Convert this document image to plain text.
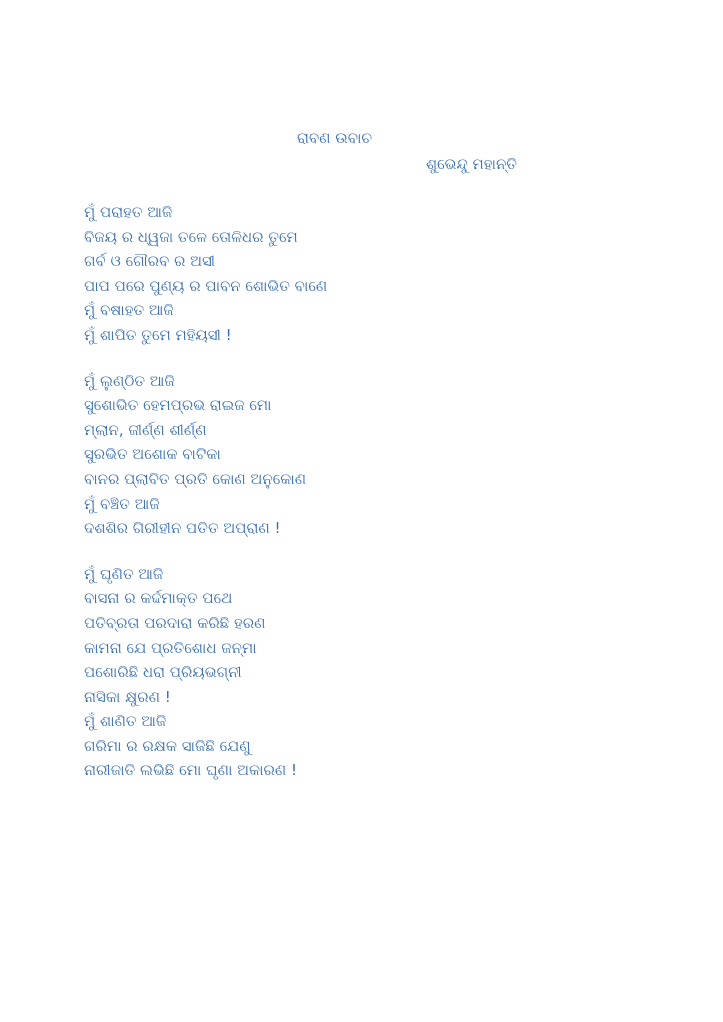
ରାବଣ ଉବାଚ
ଶୁଭେନ୍ଦୁ ମହାନ୍ତି
ମୁଁ ପରାହତ ଆଜି
ବିଜୟ ର ଧ୍ୱଜା ତଳେ ତୋଳିଧର ତୁମେ
ଗର୍ବ ଓ ଗୌରବ ର ଅସୀ
ପାପ ପରେ ପୁଣ୍ୟ ର ପାବନ ଶୋଭିତ ବାଣେ
ମୁଁ ବଷାହତ ଆଜି
ମୁଁ ଶାପିତ ତୁମେ ମହିୟସୀ !
ମୁଁ ଲୁଣ୍ଠିତ ଆଜି
ସୁଶୋଭିତ ହେମପ୍ରଭ ରାଇଜ ମୋ
ମ୍ଲାନ, ଜୀର୍ଣ୍ଣ ଶୀର୍ଣ୍ଣ
ସୁରଭିତ ଅଶୋକ ବାଟିକା
ବାନର ପ୍ଲାବିତ ପ୍ରତି କୋଣ ଅନୁକୋଣ
ମୁଁ ବଞ୍ଚିତ ଆଜି
ଦଶଶିର ଗିରୀହୀନ ପତିତ ଅପ୍ରାଣ !
ମୁଁ ଘୃଣିତ ଆଜି
ବାସନା ର କର୍ଦ୍ଦମାକ୍ତ ପଥେ
ପତିବ୍ରତା ପରଦାରା କରିଛି ହରଣ
କାମନା ଯେ ପ୍ରତିଶୋଧ ଜନ୍ମା
ପଶୋରିଛି ଧରା ପ୍ରିୟଭଗ୍ନୀ
ନାସିକା କ୍ଷୁରଣ !
ମୁଁ ଶାଣିତ ଆଜି
ଗରିମା ର ରକ୍ଷକ ସାଜିଛି ଯେଣୁ
ନାରୀଜାତି ଲଭିଛି ମୋ ଘୃଣା ଅକାରଣ !
